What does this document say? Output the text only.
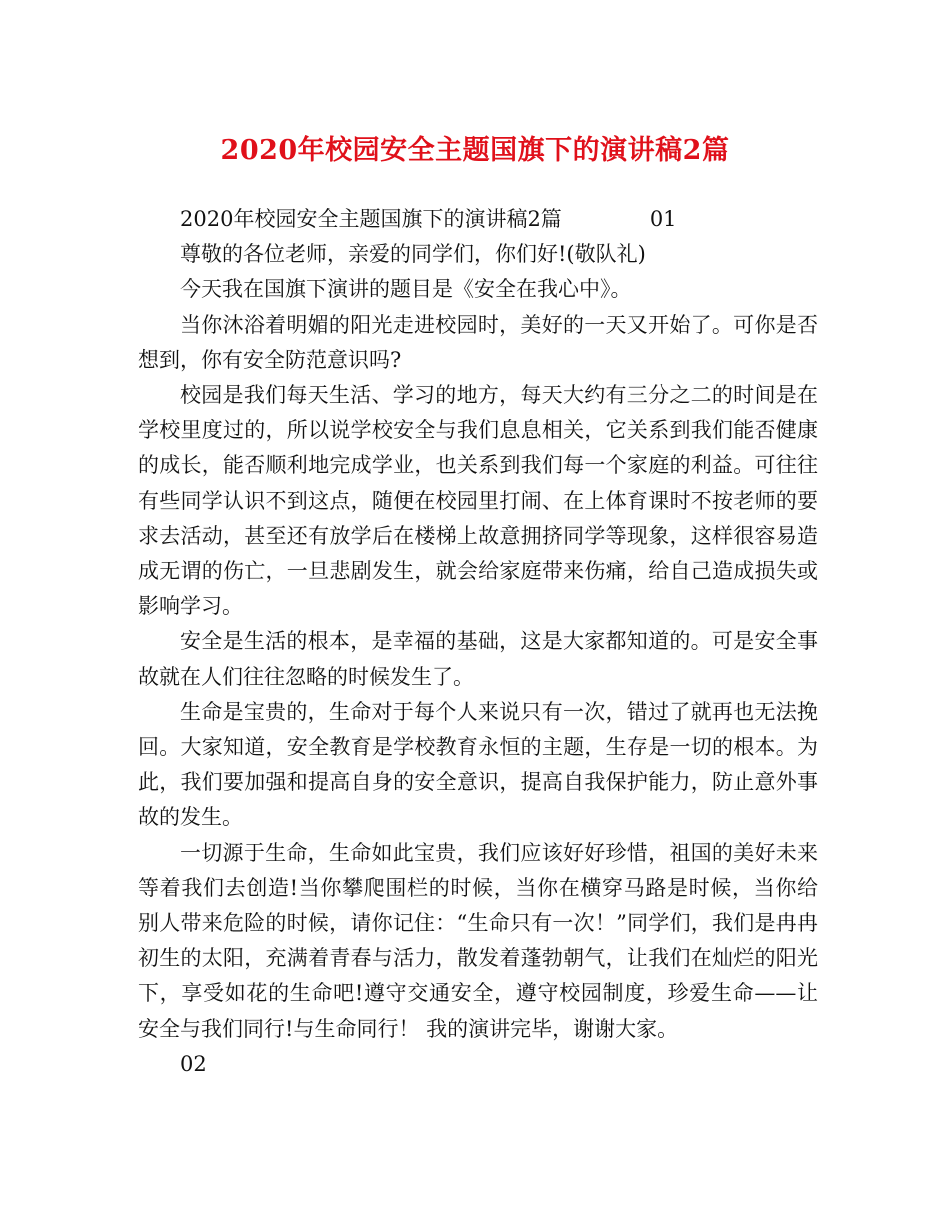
2020年校园安全主题国旗下的演讲稿2篇

2020年校园安全主题国旗下的演讲稿2篇	01

尊敬的各位老师，亲爱的同学们，你们好!(敬队礼)

今天我在国旗下演讲的题目是《安全在我心中》。

当你沐浴着明媚的阳光走进校园时，美好的一天又开始了。可你是否想到，你有安全防范意识吗?

校园是我们每天生活、学习的地方，每天大约有三分之二的时间是在学校里度过的，所以说学校安全与我们息息相关，它关系到我们能否健康的成长，能否顺利地完成学业，也关系到我们每一个家庭的利益。可往往有些同学认识不到这点，随便在校园里打闹、在上体育课时不按老师的要求去活动，甚至还有放学后在楼梯上故意拥挤同学等现象，这样很容易造成无谓的伤亡，一旦悲剧发生，就会给家庭带来伤痛，给自己造成损失或影响学习。

安全是生活的根本，是幸福的基础，这是大家都知道的。可是安全事故就在人们往往忽略的时候发生了。

生命是宝贵的，生命对于每个人来说只有一次，错过了就再也无法挽回。大家知道，安全教育是学校教育永恒的主题，生存是一切的根本。为此，我们要加强和提高自身的安全意识，提高自我保护能力，防止意外事故的发生。

一切源于生命，生命如此宝贵，我们应该好好珍惜，祖国的美好未来等着我们去创造!当你攀爬围栏的时候，当你在横穿马路是时候，当你给别人带来危险的时候，请你记住：“生命只有一次！”同学们，我们是冉冉初生的太阳，充满着青春与活力，散发着蓬勃朝气，让我们在灿烂的阳光下，享受如花的生命吧!遵守交通安全，遵守校园制度，珍爱生命——让安全与我们同行!与生命同行！ 我的演讲完毕，谢谢大家。

02
